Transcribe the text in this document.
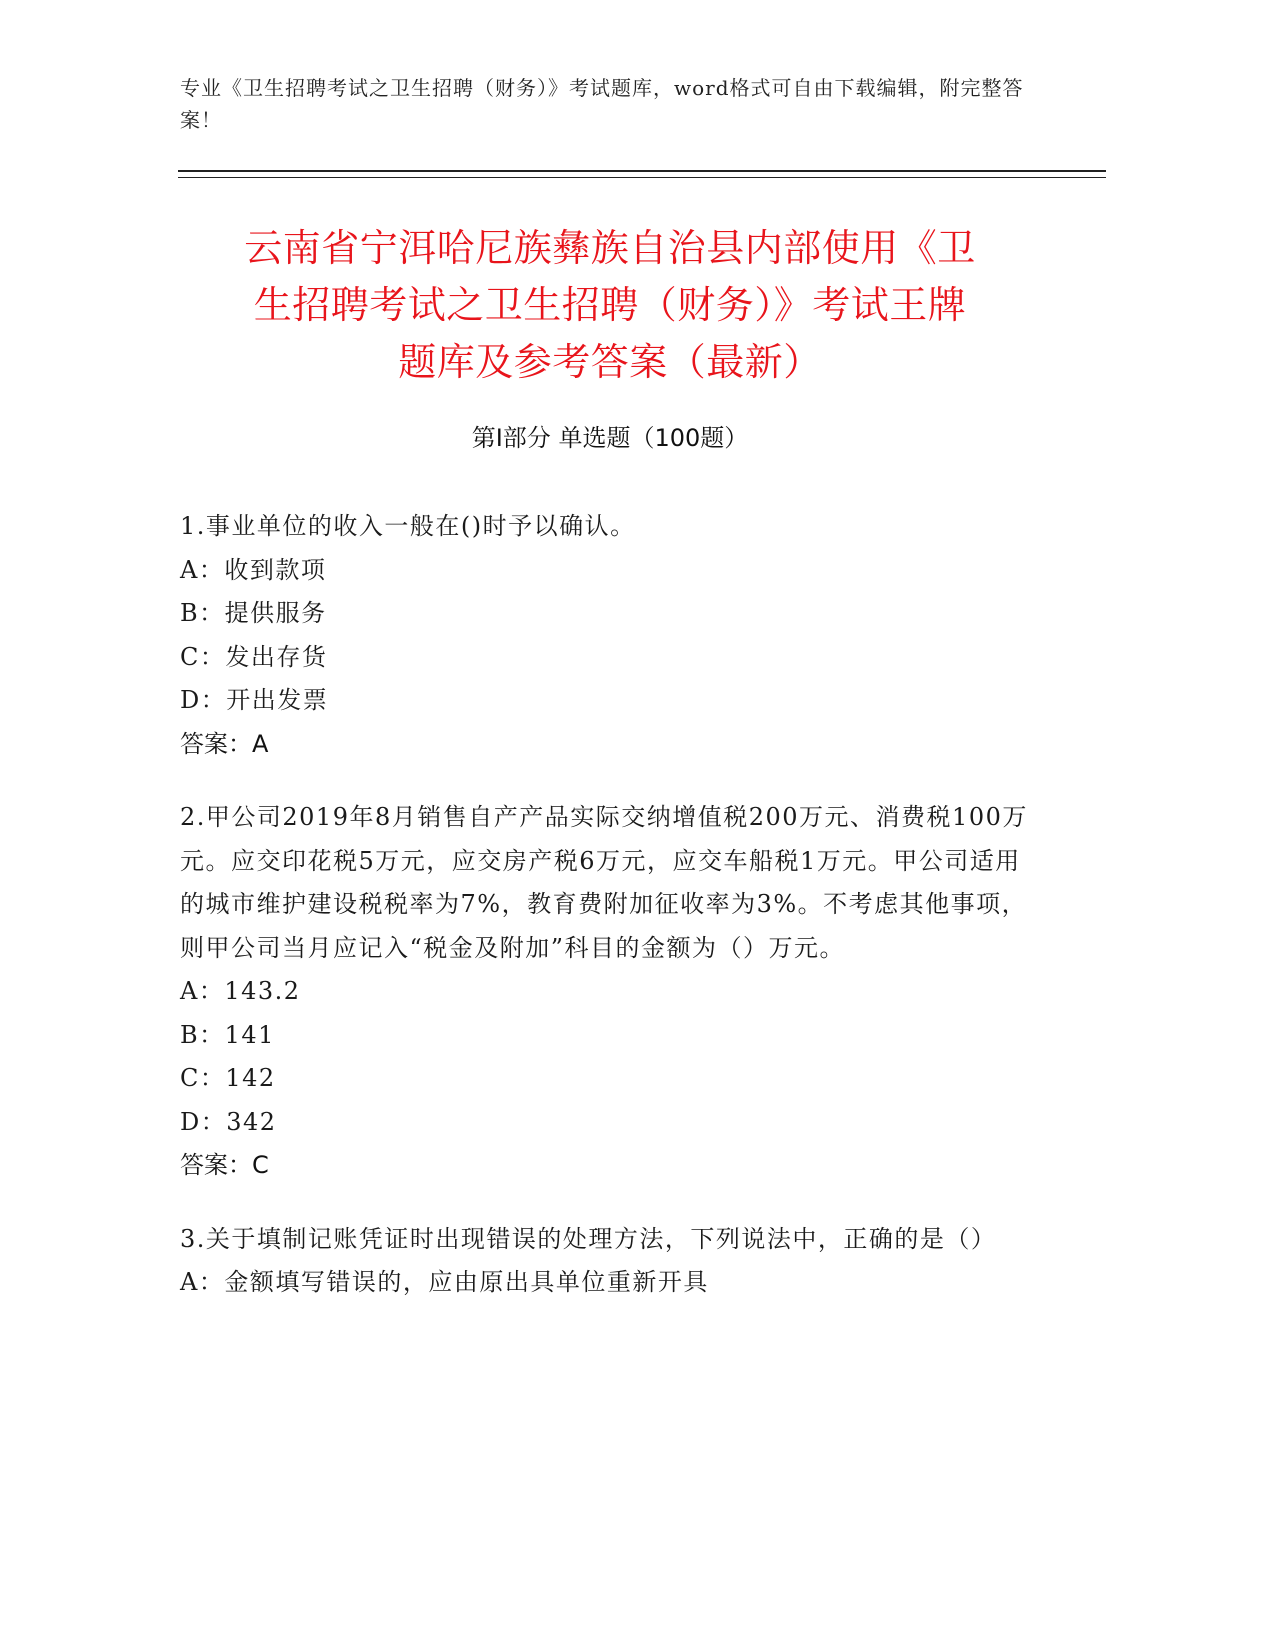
专业《卫生招聘考试之卫生招聘（财务）》考试题库，word格式可自由下载编辑，附完整答案！
云南省宁洱哈尼族彝族自治县内部使用《卫
生招聘考试之卫生招聘（财务）》考试王牌
题库及参考答案（最新）
第Ⅰ部分 单选题（100题）

1.事业单位的收入一般在()时予以确认。

A：收到款项

B：提供服务

C：发出存货

D：开出发票

答案：A

2.甲公司2019年8月销售自产产品实际交纳增值税200万元、消费税100万元。应交印花税5万元，应交房产税6万元，应交车船税1万元。甲公司适用的城市维护建设税税率为7%，教育费附加征收率为3%。不考虑其他事项，则甲公司当月应记入“税金及附加”科目的金额为（）万元。

A：143.2

B：141

C：142

D：342

答案：C

3.关于填制记账凭证时出现错误的处理方法，下列说法中，正确的是（）

A：金额填写错误的，应由原出具单位重新开具
